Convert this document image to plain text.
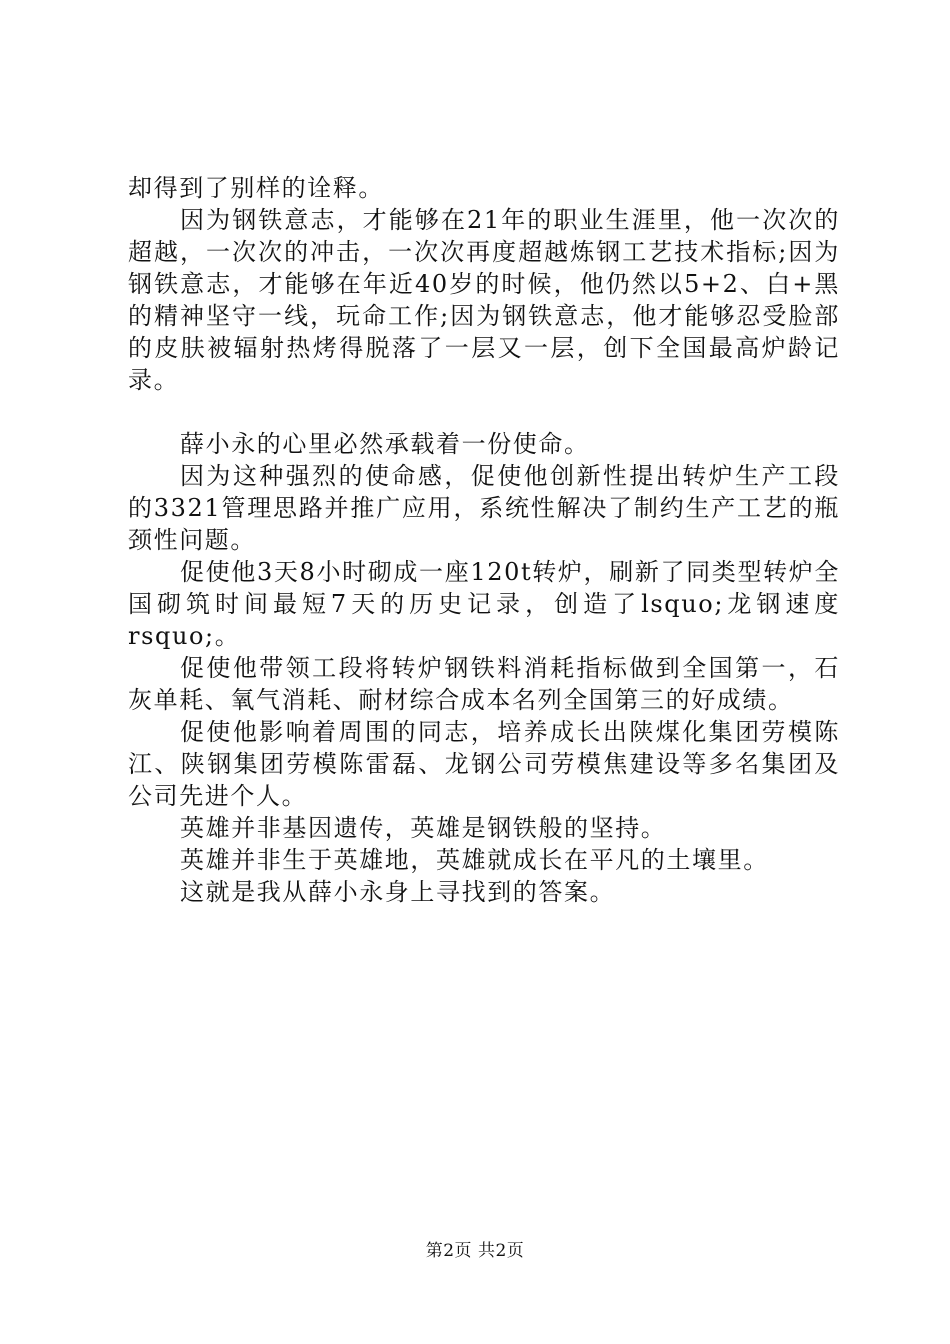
却得到了别样的诠释。

因为钢铁意志，才能够在21年的职业生涯里，他一次次的超越，一次次的冲击，一次次再度超越炼钢工艺技术指标;因为钢铁意志，才能够在年近40岁的时候，他仍然以5+2、白+黑的精神坚守一线，玩命工作;因为钢铁意志，他才能够忍受脸部的皮肤被辐射热烤得脱落了一层又一层，创下全国最高炉龄记录。

薛小永的心里必然承载着一份使命。

因为这种强烈的使命感，促使他创新性提出转炉生产工段的3321管理思路并推广应用，系统性解决了制约生产工艺的瓶颈性问题。

促使他3天8小时砌成一座120t转炉，刷新了同类型转炉全国砌筑时间最短7天的历史记录，创造了lsquo;龙钢速度rsquo;。

促使他带领工段将转炉钢铁料消耗指标做到全国第一，石灰单耗、氧气消耗、耐材综合成本名列全国第三的好成绩。

促使他影响着周围的同志，培养成长出陕煤化集团劳模陈江、陕钢集团劳模陈雷磊、龙钢公司劳模焦建设等多名集团及公司先进个人。

英雄并非基因遗传，英雄是钢铁般的坚持。

英雄并非生于英雄地，英雄就成长在平凡的土壤里。

这就是我从薛小永身上寻找到的答案。

第2页 共2页
